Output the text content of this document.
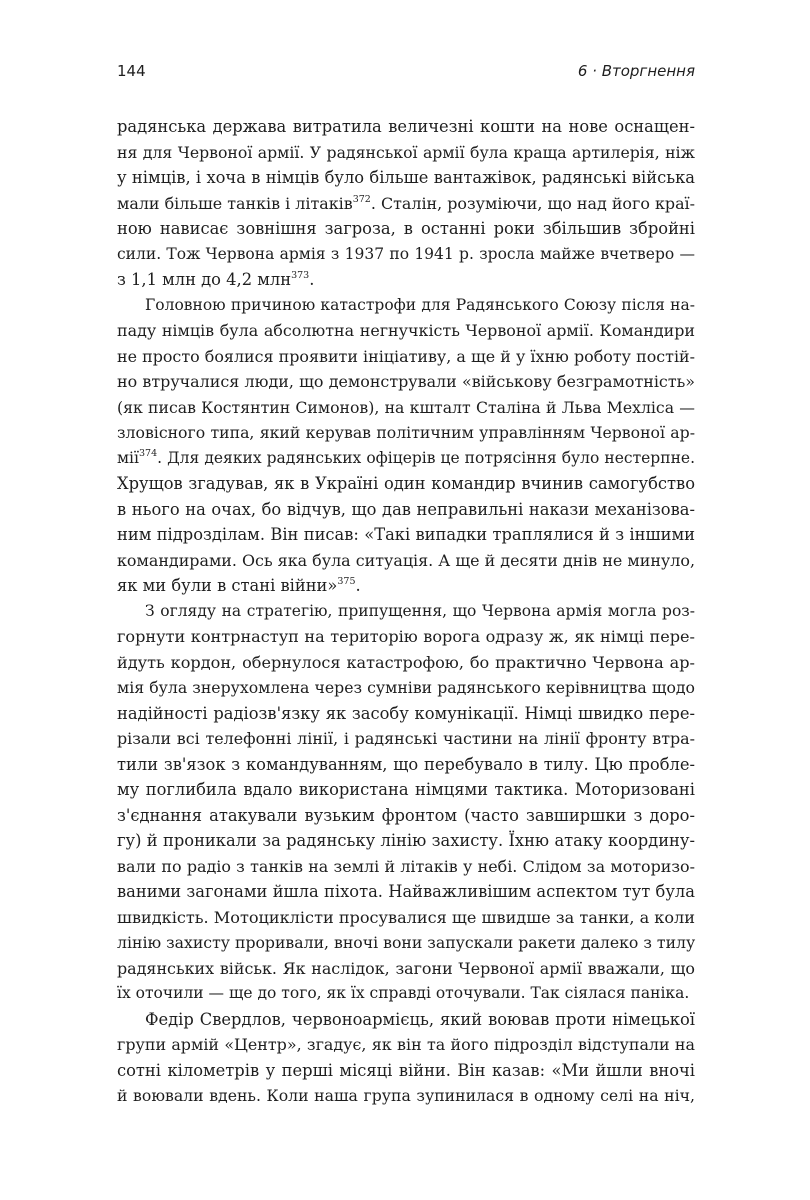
144	6 · Вторгнення
радянська держава витратила величезні кошти на нове оснащен-
ня для Червоної армії. У радянської армії була краща артилерія, ніж
у німців, і хоча в німців було більше вантажівок, радянські війська
мали більше танків і літаків$^{372}$. Сталін, розуміючи, що над його краї-
ною нависає зовнішня загроза, в останні роки збільшив збройні
сили. Тож Червона армія з 1937 по 1941 р. зросла майже вчетверо —
з 1,1 млн до 4,2 млн$^{373}$.
Головною причиною катастрофи для Радянського Союзу після на-
паду німців була абсолютна негнучкість Червоної армії. Командири
не просто боялися проявити ініціативу, а ще й у їхню роботу постій-
но втручалися люди, що демонстрували «військову безграмотність»
(як писав Костянтин Симонов), на кшталт Сталіна й Льва Мехліса —
зловісного типа, який керував політичним управлінням Червоної ар-
мії$^{374}$. Для деяких радянських офіцерів це потрясіння було нестерпне.
Хрущов згадував, як в Україні один командир вчинив самогубство
в нього на очах, бо відчув, що дав неправильні накази механізова-
ним підрозділам. Він писав: «Такі випадки траплялися й з іншими
командирами. Ось яка була ситуація. А ще й десяти днів не минуло,
як ми були в стані війни»$^{375}$.
З огляду на стратегію, припущення, що Червона армія могла роз-
горнути контрнаступ на територію ворога одразу ж, як німці пере-
йдуть кордон, обернулося катастрофою, бо практично Червона ар-
мія була знерухомлена через сумніви радянського керівництва щодо
надійності радіозв'язку як засобу комунікації. Німці швидко пере-
різали всі телефонні лінії, і радянські частини на лінії фронту втра-
тили зв'язок з командуванням, що перебувало в тилу. Цю пробле-
му поглибила вдало використана німцями тактика. Моторизовані
з'єднання атакували вузьким фронтом (часто завширшки з доро-
гу) й проникали за радянську лінію захисту. Їхню атаку координу-
вали по радіо з танків на землі й літаків у небі. Слідом за моторизо-
ваними загонами йшла піхота. Найважливішим аспектом тут була
швидкість. Мотоциклісти просувалися ще швидше за танки, а коли
лінію захисту проривали, вночі вони запускали ракети далеко з тилу
радянських військ. Як наслідок, загони Червоної армії вважали, що
їх оточили — ще до того, як їх справді оточували. Так сіялася паніка.
Федір Свердлов, червоноармієць, який воював проти німецької
групи армій «Центр», згадує, як він та його підрозділ відступали на
сотні кілометрів у перші місяці війни. Він казав: «Ми йшли вночі
й воювали вдень. Коли наша група зупинилася в одному селі на ніч,
